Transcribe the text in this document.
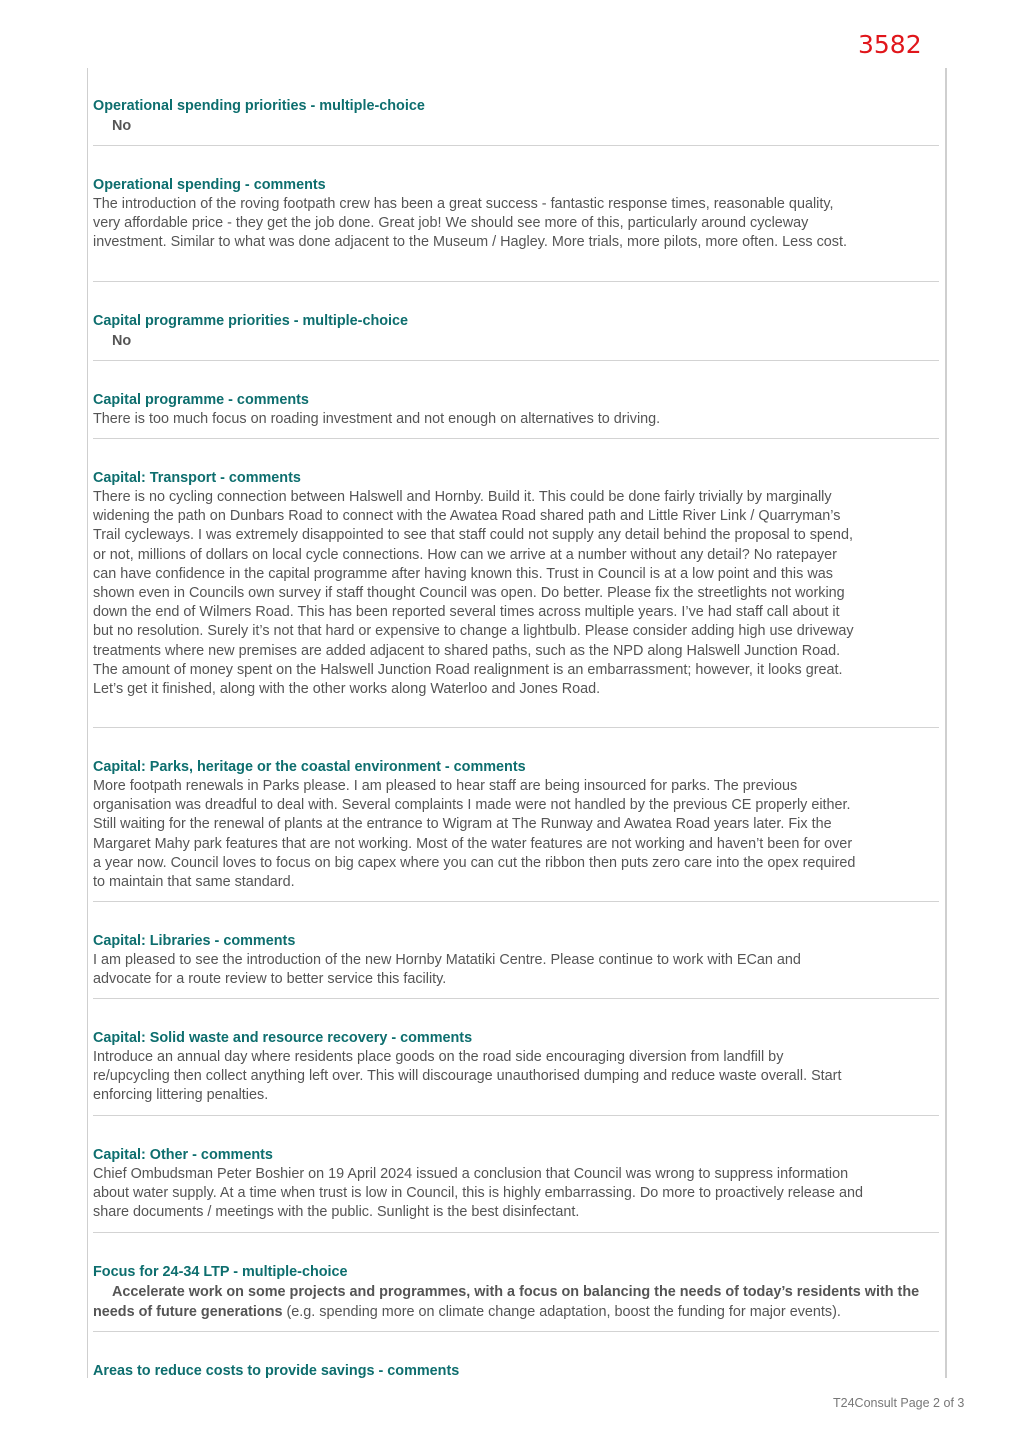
3582

Operational spending priorities - multiple-choice

No

Operational spending - comments

The introduction of the roving footpath crew has been a great success - fantastic response times, reasonable quality, very affordable price - they get the job done. Great job! We should see more of this, particularly around cycleway investment. Similar to what was done adjacent to the Museum / Hagley. More trials, more pilots, more often. Less cost.

Capital programme priorities - multiple-choice

No

Capital programme - comments

There is too much focus on roading investment and not enough on alternatives to driving.

Capital: Transport - comments

There is no cycling connection between Halswell and Hornby. Build it. This could be done fairly trivially by marginally widening the path on Dunbars Road to connect with the Awatea Road shared path and Little River Link / Quarryman’s Trail cycleways. I was extremely disappointed to see that staff could not supply any detail behind the proposal to spend, or not, millions of dollars on local cycle connections. How can we arrive at a number without any detail? No ratepayer can have confidence in the capital programme after having known this. Trust in Council is at a low point and this was shown even in Councils own survey if staff thought Council was open. Do better. Please fix the streetlights not working down the end of Wilmers Road. This has been reported several times across multiple years. I’ve had staff call about it but no resolution. Surely it’s not that hard or expensive to change a lightbulb. Please consider adding high use driveway treatments where new premises are added adjacent to shared paths, such as the NPD along Halswell Junction Road. The amount of money spent on the Halswell Junction Road realignment is an embarrassment; however, it looks great. Let’s get it finished, along with the other works along Waterloo and Jones Road.

Capital: Parks, heritage or the coastal environment - comments

More footpath renewals in Parks please. I am pleased to hear staff are being insourced for parks. The previous organisation was dreadful to deal with. Several complaints I made were not handled by the previous CE properly either. Still waiting for the renewal of plants at the entrance to Wigram at The Runway and Awatea Road years later. Fix the Margaret Mahy park features that are not working. Most of the water features are not working and haven’t been for over a year now. Council loves to focus on big capex where you can cut the ribbon then puts zero care into the opex required to maintain that same standard.

Capital: Libraries - comments

I am pleased to see the introduction of the new Hornby Matatiki Centre. Please continue to work with ECan and advocate for a route review to better service this facility.

Capital: Solid waste and resource recovery - comments

Introduce an annual day where residents place goods on the road side encouraging diversion from landfill by re/upcycling then collect anything left over. This will discourage unauthorised dumping and reduce waste overall. Start enforcing littering penalties.

Capital: Other - comments

Chief Ombudsman Peter Boshier on 19 April 2024 issued a conclusion that Council was wrong to suppress information about water supply. At a time when trust is low in Council, this is highly embarrassing. Do more to proactively release and share documents / meetings with the public. Sunlight is the best disinfectant.

Focus for 24-34 LTP - multiple-choice

Accelerate work on some projects and programmes, with a focus on balancing the needs of today’s residents with the needs of future generations (e.g. spending more on climate change adaptation, boost the funding for major events).

Areas to reduce costs to provide savings - comments

T24Consult Page 2 of 3
